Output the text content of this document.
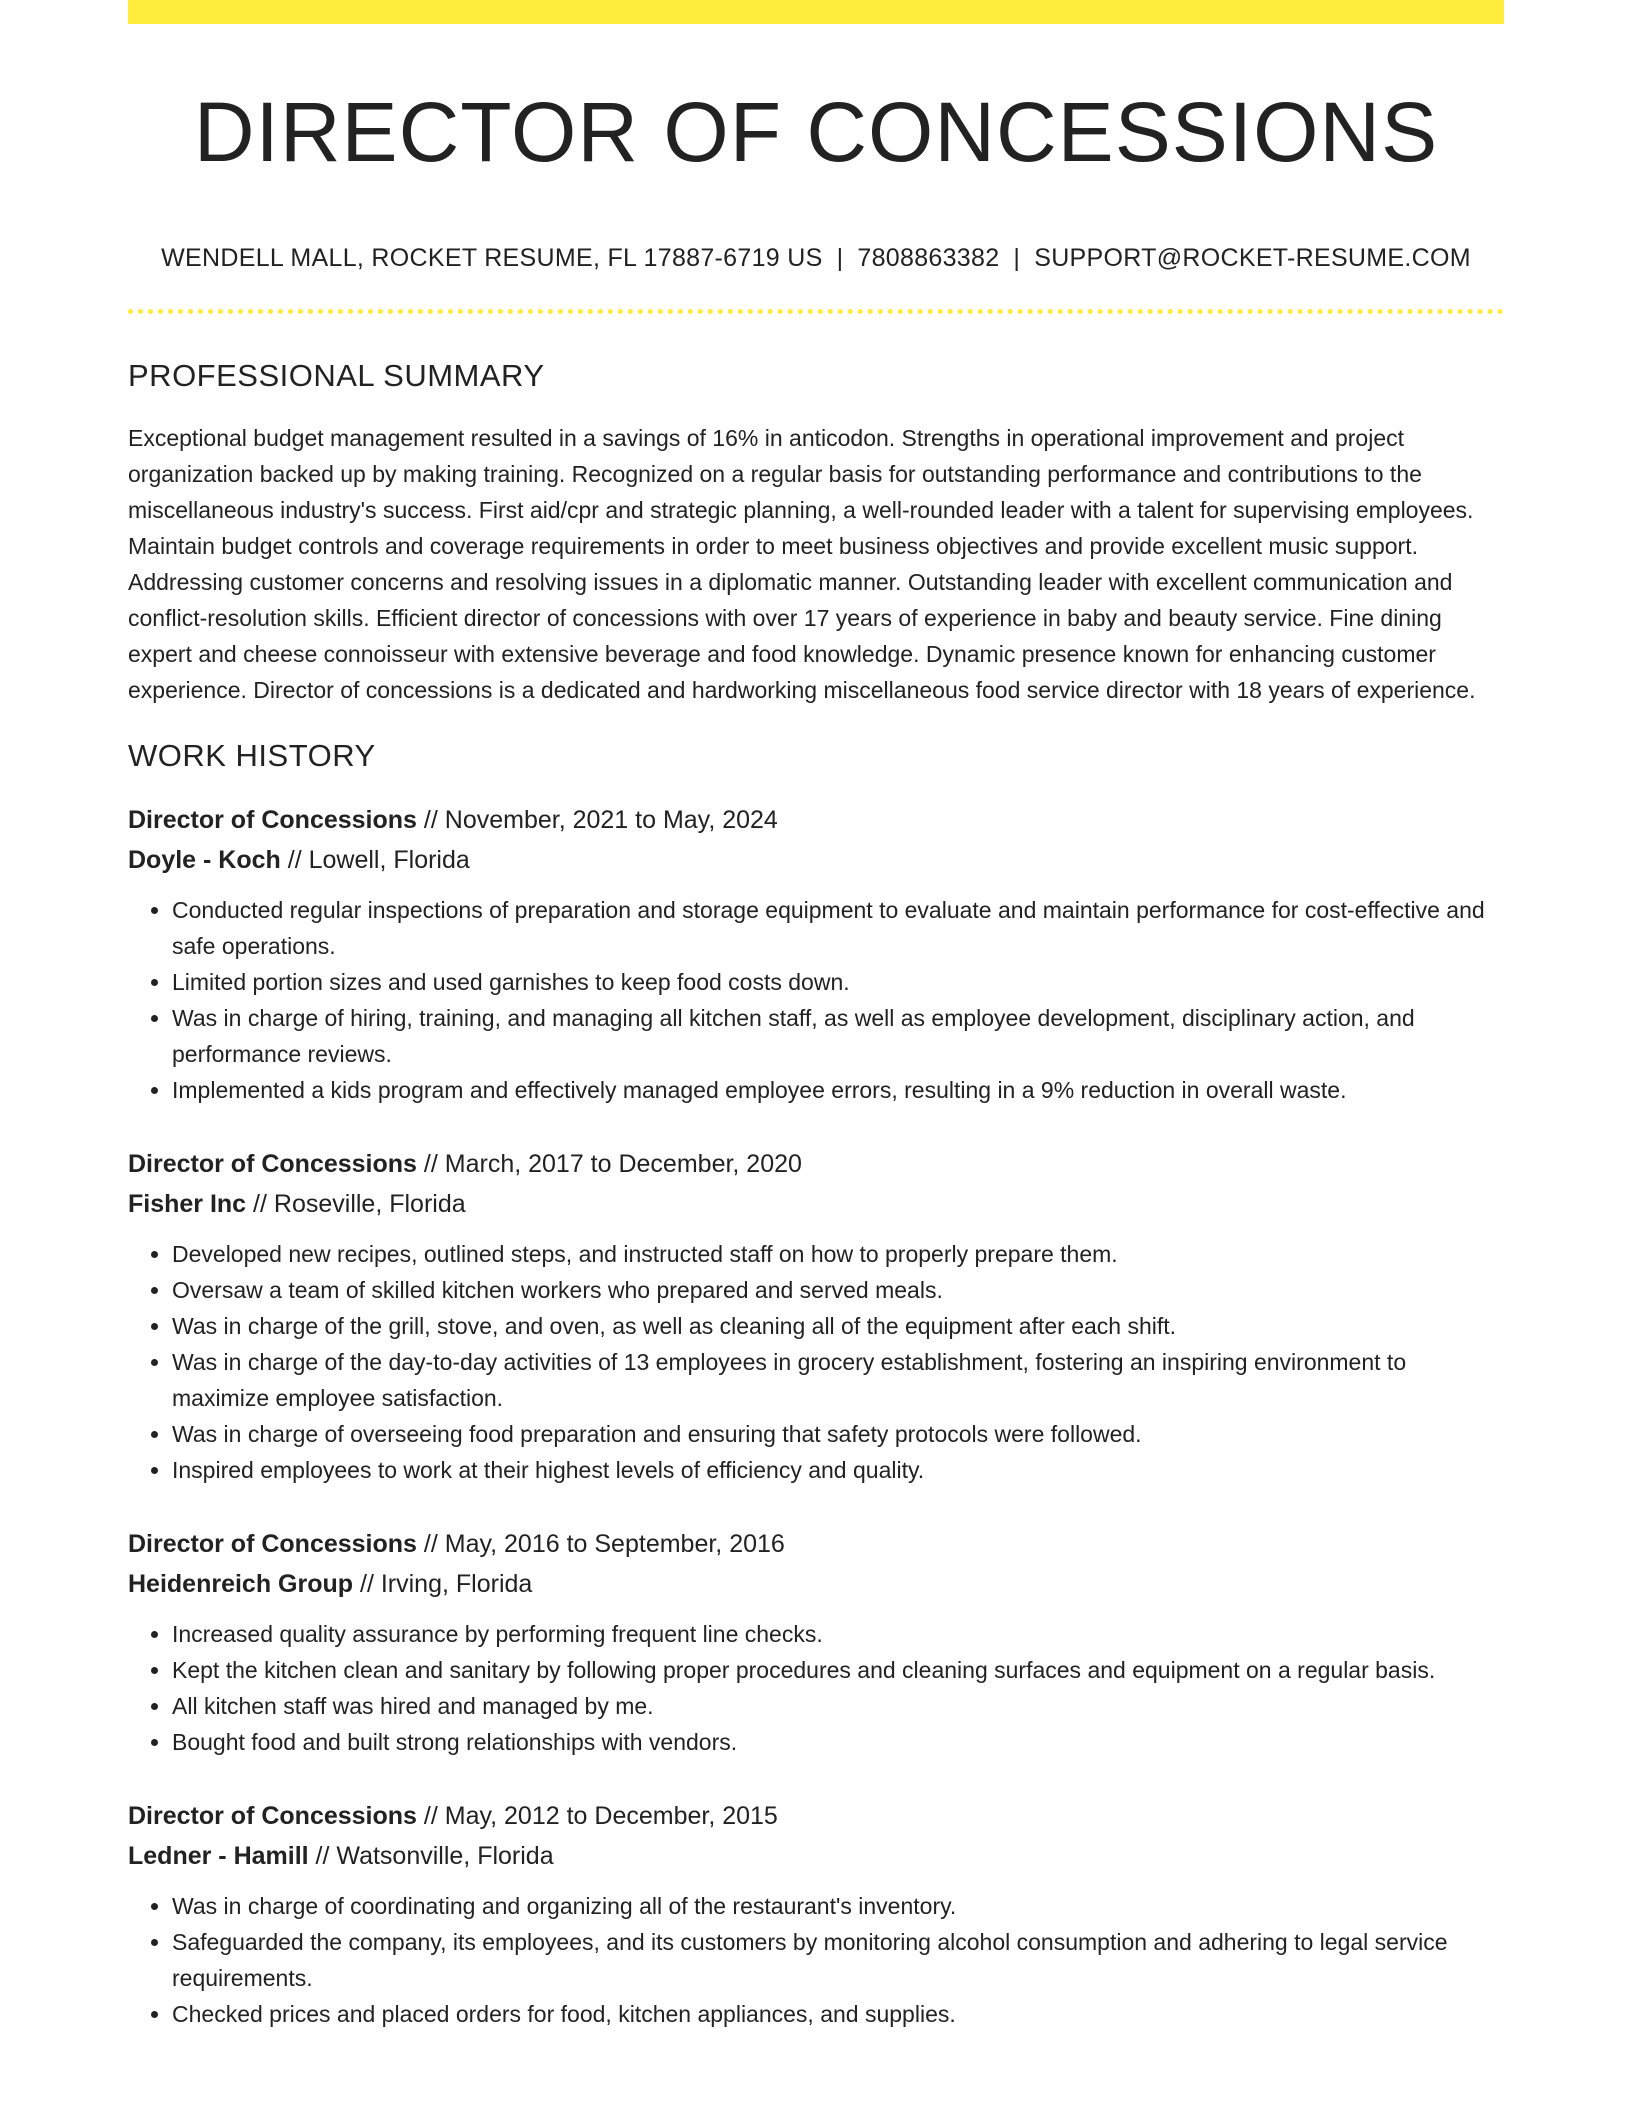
DIRECTOR OF CONCESSIONS
WENDELL MALL, ROCKET RESUME, FL 17887-6719 US | 7808863382 | SUPPORT@ROCKET-RESUME.COM
PROFESSIONAL SUMMARY
Exceptional budget management resulted in a savings of 16% in anticodon. Strengths in operational improvement and project organization backed up by making training. Recognized on a regular basis for outstanding performance and contributions to the miscellaneous industry's success. First aid/cpr and strategic planning, a well-rounded leader with a talent for supervising employees. Maintain budget controls and coverage requirements in order to meet business objectives and provide excellent music support. Addressing customer concerns and resolving issues in a diplomatic manner. Outstanding leader with excellent communication and conflict-resolution skills. Efficient director of concessions with over 17 years of experience in baby and beauty service. Fine dining expert and cheese connoisseur with extensive beverage and food knowledge. Dynamic presence known for enhancing customer experience. Director of concessions is a dedicated and hardworking miscellaneous food service director with 18 years of experience.
WORK HISTORY
Director of Concessions // November, 2021 to May, 2024
Doyle - Koch // Lowell, Florida
• Conducted regular inspections of preparation and storage equipment to evaluate and maintain performance for cost-effective and safe operations.
• Limited portion sizes and used garnishes to keep food costs down.
• Was in charge of hiring, training, and managing all kitchen staff, as well as employee development, disciplinary action, and performance reviews.
• Implemented a kids program and effectively managed employee errors, resulting in a 9% reduction in overall waste.
Director of Concessions // March, 2017 to December, 2020
Fisher Inc // Roseville, Florida
• Developed new recipes, outlined steps, and instructed staff on how to properly prepare them.
• Oversaw a team of skilled kitchen workers who prepared and served meals.
• Was in charge of the grill, stove, and oven, as well as cleaning all of the equipment after each shift.
• Was in charge of the day-to-day activities of 13 employees in grocery establishment, fostering an inspiring environment to maximize employee satisfaction.
• Was in charge of overseeing food preparation and ensuring that safety protocols were followed.
• Inspired employees to work at their highest levels of efficiency and quality.
Director of Concessions // May, 2016 to September, 2016
Heidenreich Group // Irving, Florida
• Increased quality assurance by performing frequent line checks.
• Kept the kitchen clean and sanitary by following proper procedures and cleaning surfaces and equipment on a regular basis.
• All kitchen staff was hired and managed by me.
• Bought food and built strong relationships with vendors.
Director of Concessions // May, 2012 to December, 2015
Ledner - Hamill // Watsonville, Florida
• Was in charge of coordinating and organizing all of the restaurant's inventory.
• Safeguarded the company, its employees, and its customers by monitoring alcohol consumption and adhering to legal service requirements.
• Checked prices and placed orders for food, kitchen appliances, and supplies.
